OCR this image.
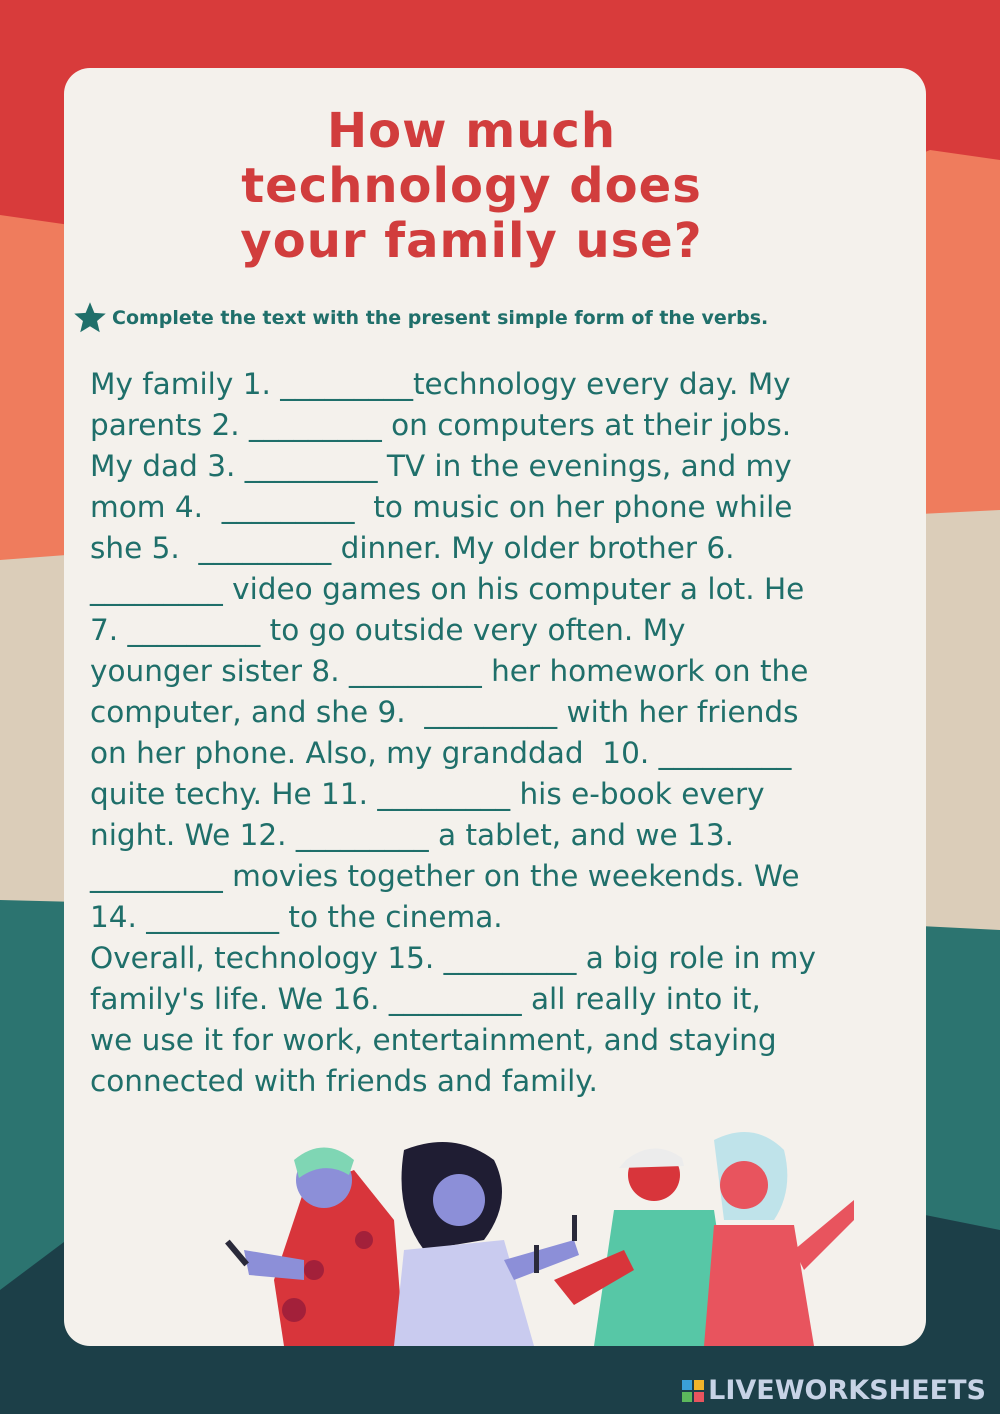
How much
technology does
your family use?
Complete the text with the present simple form of the verbs.
My family 1. _________technology every day. My
parents 2. _________ on computers at their jobs.
My dad 3. _________ TV in the evenings, and my
mom 4.  _________  to music on her phone while
she 5.  _________ dinner. My older brother 6.
_________ video games on his computer a lot. He
7. _________ to go outside very often. My
younger sister 8. _________ her homework on the
computer, and she 9.  _________ with her friends
on her phone. Also, my granddad  10. _________
quite techy. He 11. _________ his e-book every
night. We 12. _________ a tablet, and we 13.
_________ movies together on the weekends. We
14. _________ to the cinema.
Overall, technology 15. _________ a big role in my
family's life. We 16. _________ all really into it,
we use it for work, entertainment, and staying
connected with friends and family.
LIVEWORKSHEETS
